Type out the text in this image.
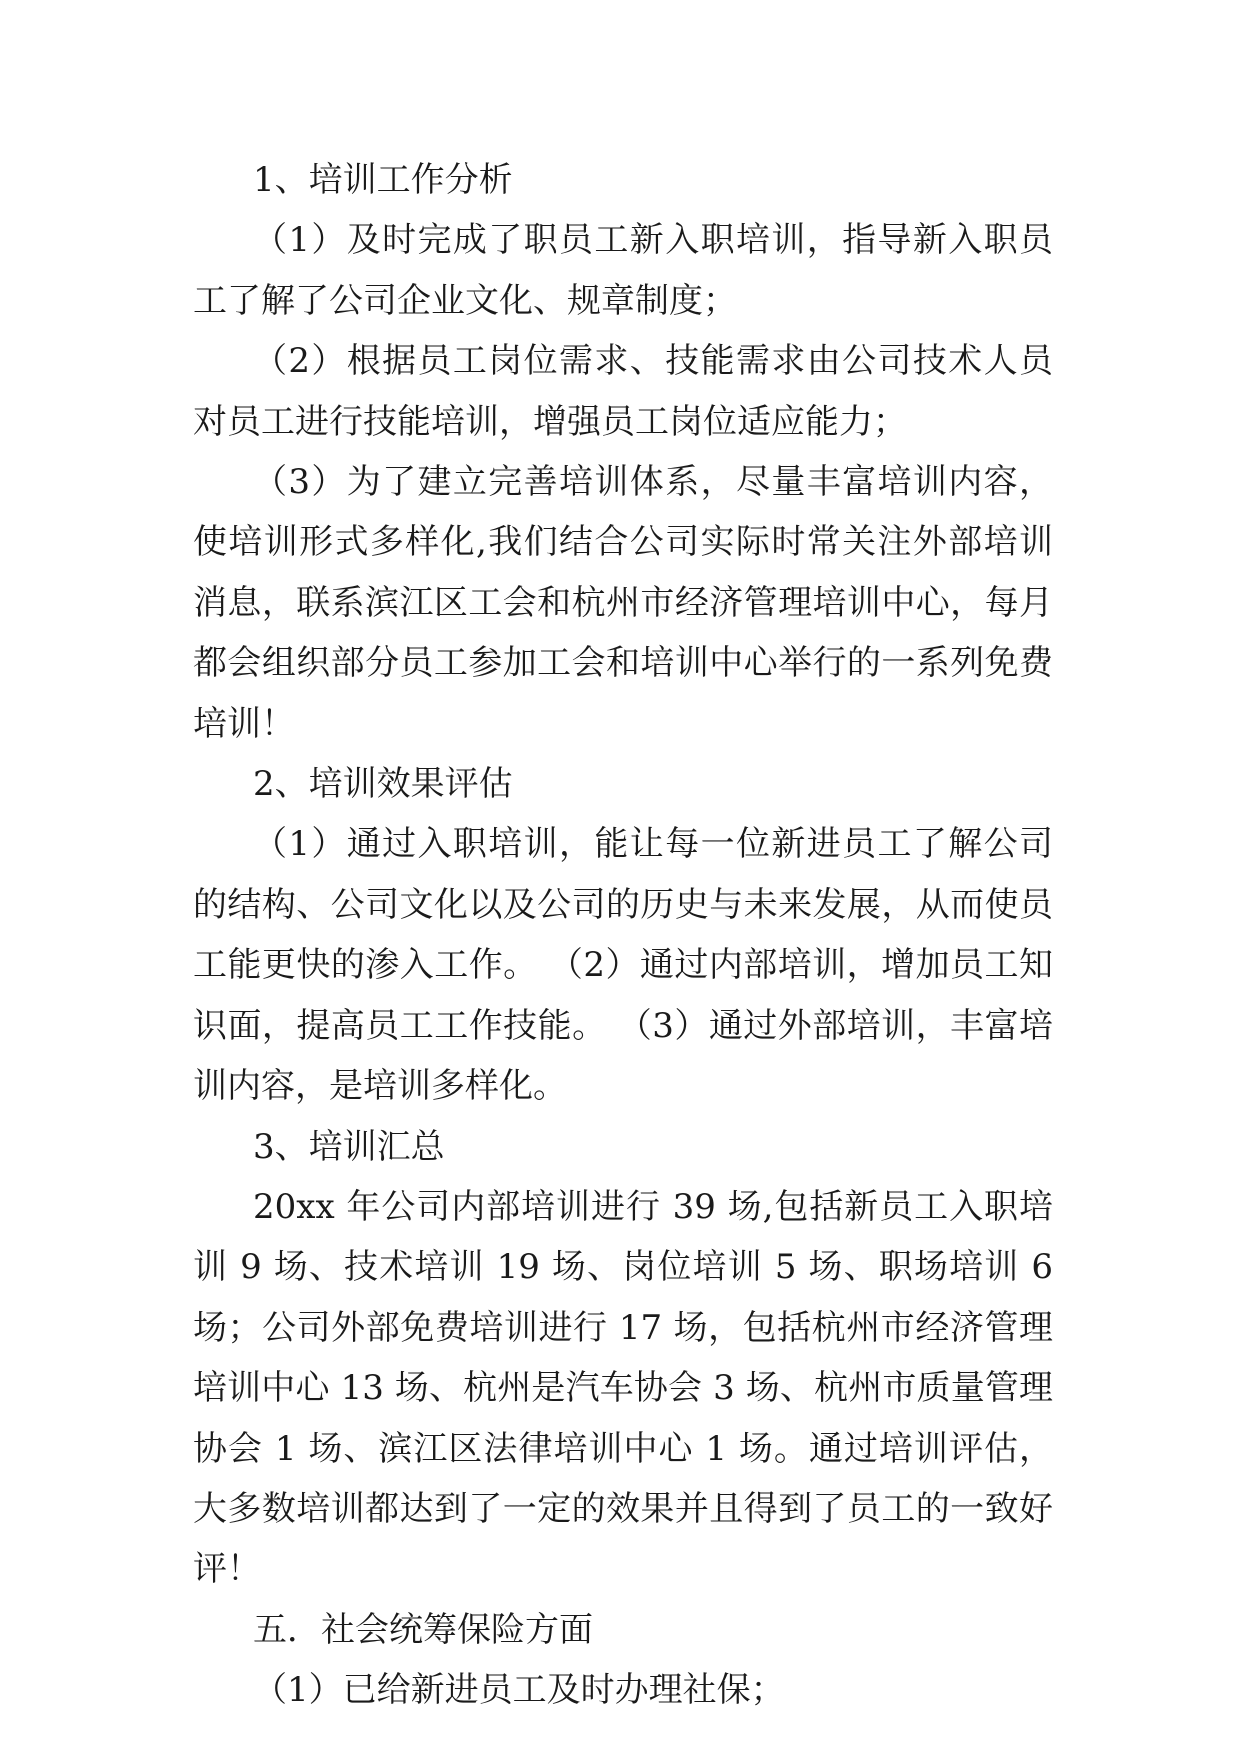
1、培训工作分析

（1）及时完成了职员工新入职培训，指导新入职员工了解了公司企业文化、规章制度；

（2）根据员工岗位需求、技能需求由公司技术人员对员工进行技能培训，增强员工岗位适应能力；

（3）为了建立完善培训体系，尽量丰富培训内容，使培训形式多样化,我们结合公司实际时常关注外部培训消息，联系滨江区工会和杭州市经济管理培训中心，每月都会组织部分员工参加工会和培训中心举行的一系列免费培训！

2、培训效果评估

（1）通过入职培训，能让每一位新进员工了解公司的结构、公司文化以及公司的历史与未来发展，从而使员工能更快的渗入工作。 （2）通过内部培训，增加员工知识面，提高员工工作技能。 （3）通过外部培训，丰富培训内容，是培训多样化。

3、培训汇总

20xx 年公司内部培训进行 39 场,包括新员工入职培训 9 场、技术培训 19 场、岗位培训 5 场、职场培训 6 场；公司外部免费培训进行 17 场，包括杭州市经济管理培训中心 13 场、杭州是汽车协会 3 场、杭州市质量管理协会 1 场、滨江区法律培训中心 1 场。通过培训评估，大多数培训都达到了一定的效果并且得到了员工的一致好评！

五．社会统筹保险方面

（1）已给新进员工及时办理社保；
